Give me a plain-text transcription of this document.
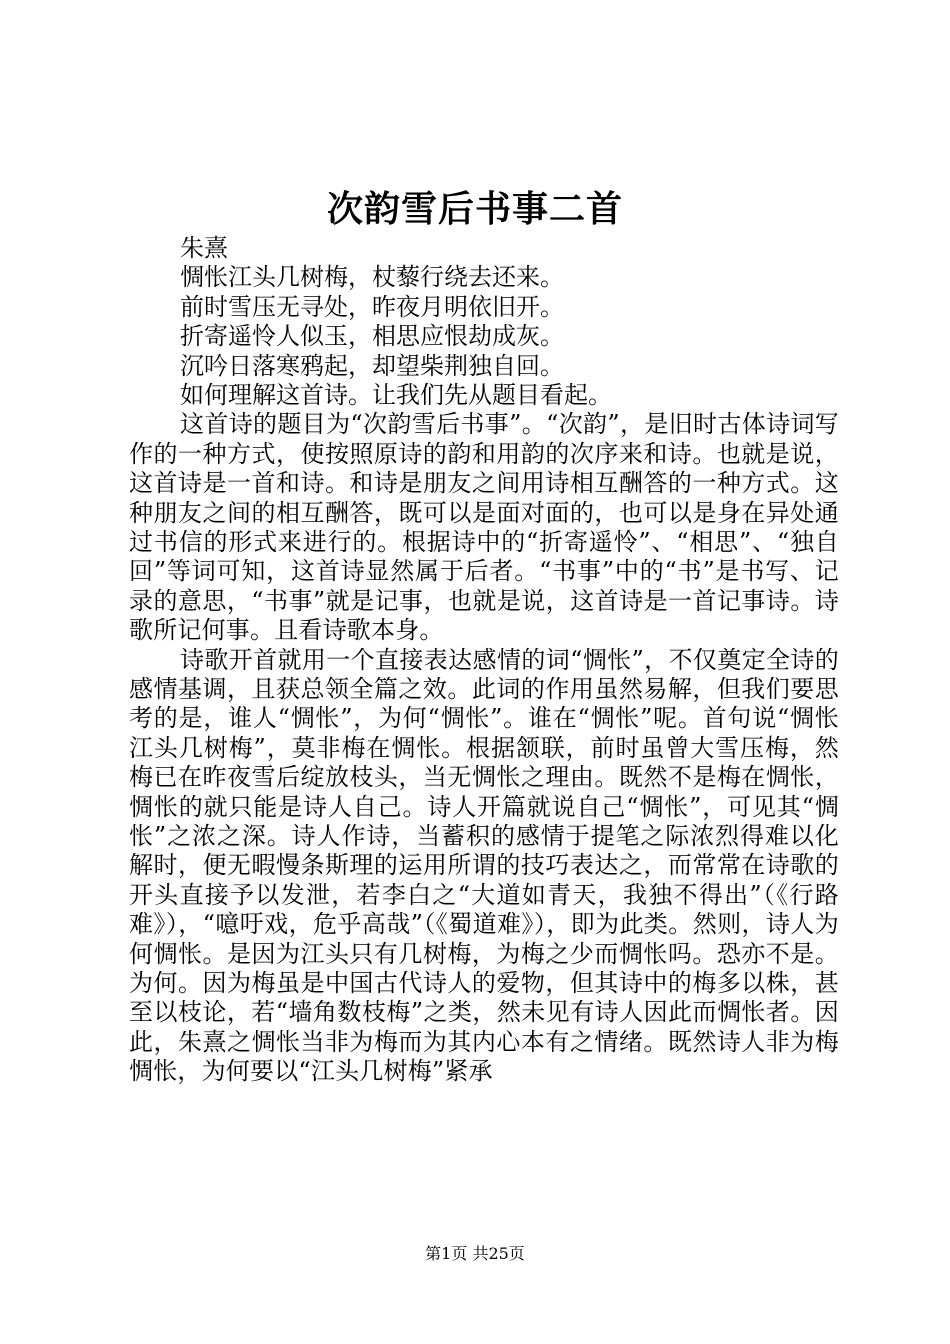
次韵雪后书事二首

朱熹

惆怅江头几树梅，杖藜行绕去还来。

前时雪压无寻处，昨夜月明依旧开。

折寄遥怜人似玉，相思应恨劫成灰。

沉吟日落寒鸦起，却望柴荆独自回。

如何理解这首诗。让我们先从题目看起。

这首诗的题目为“次韵雪后书事”。“次韵”，是旧时古体诗词写作的一种方式，使按照原诗的韵和用韵的次序来和诗。也就是说，这首诗是一首和诗。和诗是朋友之间用诗相互酬答的一种方式。这种朋友之间的相互酬答，既可以是面对面的，也可以是身在异处通过书信的形式来进行的。根据诗中的“折寄遥怜”、“相思”、“独自回”等词可知，这首诗显然属于后者。“书事”中的“书”是书写、记录的意思，“书事”就是记事，也就是说，这首诗是一首记事诗。诗歌所记何事。且看诗歌本身。

诗歌开首就用一个直接表达感情的词“惆怅”，不仅奠定全诗的感情基调，且获总领全篇之效。此词的作用虽然易解，但我们要思考的是，谁人“惆怅”，为何“惆怅”。谁在“惆怅”呢。首句说“惆怅江头几树梅”，莫非梅在惆怅。根据颔联，前时虽曾大雪压梅，然梅已在昨夜雪后绽放枝头，当无惆怅之理由。既然不是梅在惆怅，惆怅的就只能是诗人自己。诗人开篇就说自己“惆怅”，可见其“惆怅”之浓之深。诗人作诗，当蓄积的感情于提笔之际浓烈得难以化解时，便无暇慢条斯理的运用所谓的技巧表达之，而常常在诗歌的开头直接予以发泄，若李白之“大道如青天，我独不得出”（《行路难》），“噫吁戏，危乎高哉”（《蜀道难》），即为此类。然则，诗人为何惆怅。是因为江头只有几树梅，为梅之少而惆怅吗。恐亦不是。为何。因为梅虽是中国古代诗人的爱物，但其诗中的梅多以株，甚至以枝论，若“墙角数枝梅”之类，然未见有诗人因此而惆怅者。因此，朱熹之惆怅当非为梅而为其内心本有之情绪。既然诗人非为梅惆怅，为何要以“江头几树梅”紧承

第1页 共25页
